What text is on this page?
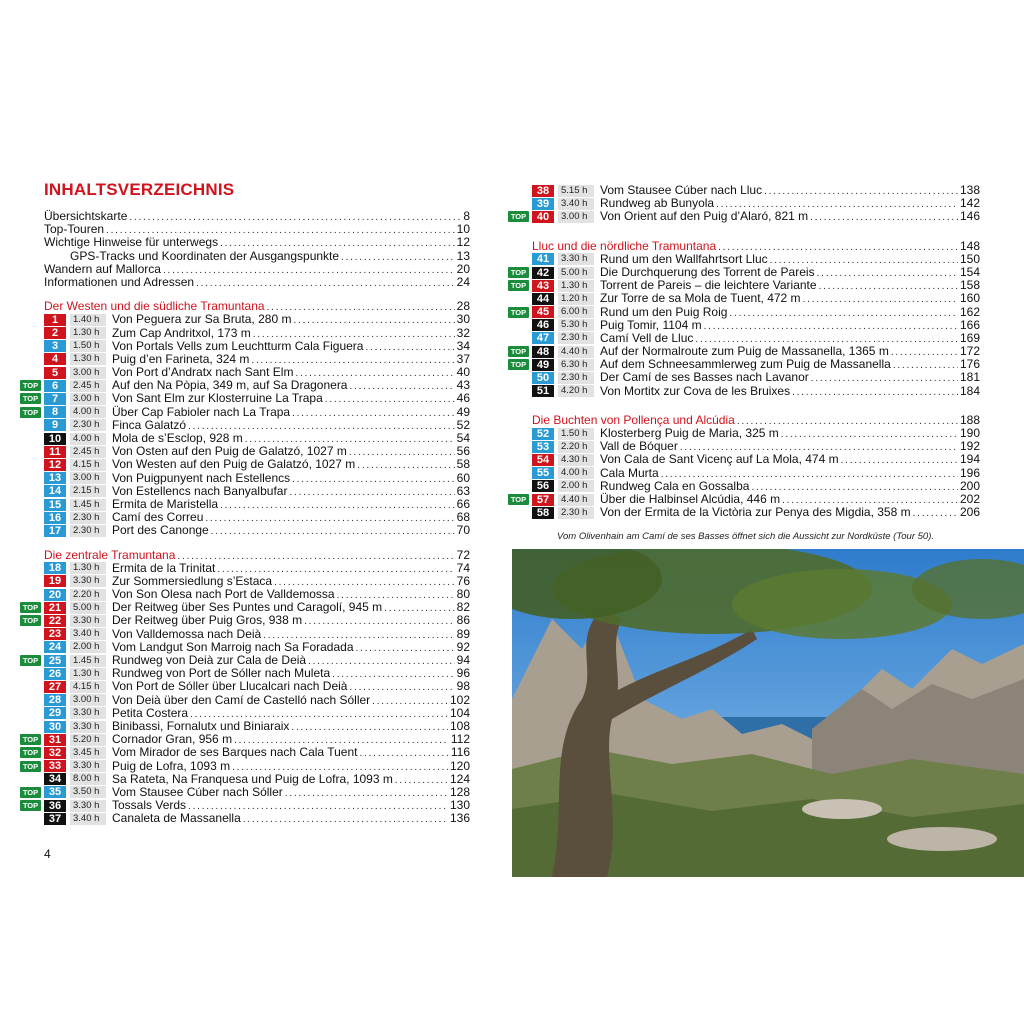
INHALTSVERZEICHNIS
Übersichtskarte . . .	8
Top-Touren . . .	10
Wichtige Hinweise für unterwegs . . .	12
GPS-Tracks und Koordinaten der Ausgangspunkte . . .	13
Wandern auf Mallorca . . .	20
Informationen und Adressen . . .	24
Der Westen und die südliche Tramuntana . . .	28
1	1.40 h	Von Peguera zur Sa Bruta, 280 m . . .	30
2	1.30 h	Zum Cap Andritxol, 173 m . . .	32
3	1.50 h	Von Portals Vells zum Leuchtturm Cala Figuera . . .	34
4	1.30 h	Puig d’en Farineta, 324 m . . .	37
5	3.00 h	Von Port d’Andratx nach Sant Elm . . .	40
TOP	6	2.45 h	Auf den Na Pòpia, 349 m, auf Sa Dragonera . . .	43
TOP	7	3.00 h	Von Sant Elm zur Klosterruine La Trapa . . .	46
TOP	8	4.00 h	Über Cap Fabioler nach La Trapa . . .	49
9	2.30 h	Finca Galatzó . . .	52
10	4.00 h	Mola de s’Esclop, 928 m . . .	54
11	2.45 h	Von Osten auf den Puig de Galatzó, 1027 m . . .	56
12	4.15 h	Von Westen auf den Puig de Galatzó, 1027 m . . .	58
13	3.00 h	Von Puigpunyent nach Estellencs . . .	60
14	2.15 h	Von Estellencs nach Banyalbufar . . .	63
15	1.45 h	Ermita de Maristella . . .	66
16	2.30 h	Camí des Correu . . .	68
17	2.30 h	Port des Canonge . . .	70
Die zentrale Tramuntana . . .	72
18	1.30 h	Ermita de la Trinitat . . .	74
19	3.30 h	Zur Sommersiedlung s’Estaca . . .	76
20	2.20 h	Von Son Olesa nach Port de Valldemossa . . .	80
TOP 21	5.00 h	Der Reitweg über Ses Puntes und Caragolí, 945 m . . .	82
TOP 22	3.30 h	Der Reitweg über Puig Gros, 938 m . . .	86
23	3.40 h	Von Valldemossa nach Deià . . .	89
24	2.00 h	Vom Landgut Son Marroig nach Sa Foradada . . .	92
TOP 25	1.45 h	Rundweg von Deià zur Cala de Deià . . .	94
26	1.30 h	Rundweg von Port de Sóller nach Muleta . . .	96
27	4.15 h	Von Port de Sóller über Llucalcari nach Deià . . .	98
28	3.00 h	Von Deià über den Camí de Castelló nach Sóller . . .	102
29	3.30 h	Petita Costera . . .	104
30	3.30 h	Binibassi, Fornalutx und Biniaraix . . .	108
TOP 31	5.20 h	Cornador Gran, 956 m . . .	112
TOP 32	3.45 h	Vom Mirador de ses Barques nach Cala Tuent . . .	116
TOP 33	3.30 h	Puig de Lofra, 1093 m . . .	120
34	8.00 h	Sa Rateta, Na Franquesa und Puig de Lofra, 1093 m . . .	124
TOP 35	3.50 h	Vom Stausee Cúber nach Sóller . . .	128
TOP 36	3.30 h	Tossals Verds . . .	130
37	3.40 h	Canaleta de Massanella . . .	136
38	5.15 h	Vom Stausee Cúber nach Lluc . . .	138
39	3.40 h	Rundweg ab Bunyola . . .	142
TOP 40	3.00 h	Von Orient auf den Puig d’Alaró, 821 m . . .	146
Lluc und die nördliche Tramuntana . . .	148
41	3.30 h	Rund um den Wallfahrtsort Lluc . . .	150
TOP 42	5.00 h	Die Durchquerung des Torrent de Pareis . . .	154
TOP 43	1.30 h	Torrent de Pareis – die leichtere Variante . . .	158
44	1.20 h	Zur Torre de sa Mola de Tuent, 472 m . . .	160
TOP 45	6.00 h	Rund um den Puig Roig . . .	162
46	5.30 h	Puig Tomir, 1104 m . . .	166
47	2.30 h	Camí Vell de Lluc . . .	169
TOP 48	4.40 h	Auf der Normalroute zum Puig de Massanella, 1365 m . . .	172
TOP 49	6.30 h	Auf dem Schneesammlerweg zum Puig de Massanella . . .	176
50	2.30 h	Der Camí de ses Basses nach Lavanor . . .	181
51	4.20 h	Von Mortitx zur Cova de les Bruixes . . .	184
Die Buchten von Pollença und Alcúdia . . .	188
52	1.50 h	Klosterberg Puig de Maria, 325 m . . .	190
53	2.20 h	Vall de Bóquer . . .	192
54	4.30 h	Von Cala de Sant Vicenç auf La Mola, 474 m . . .	194
55	4.00 h	Cala Murta . . .	196
56	2.00 h	Rundweg Cala en Gossalba . . .	200
TOP 57	4.40 h	Über die Halbinsel Alcúdia, 446 m . . .	202
58	2.30 h	Von der Ermita de la Victòria zur Penya des Migdia, 358 m . . .	206
Vom Olivenhain am Camí de ses Basses öffnet sich die Aussicht zur Nordküste (Tour 50).
4
